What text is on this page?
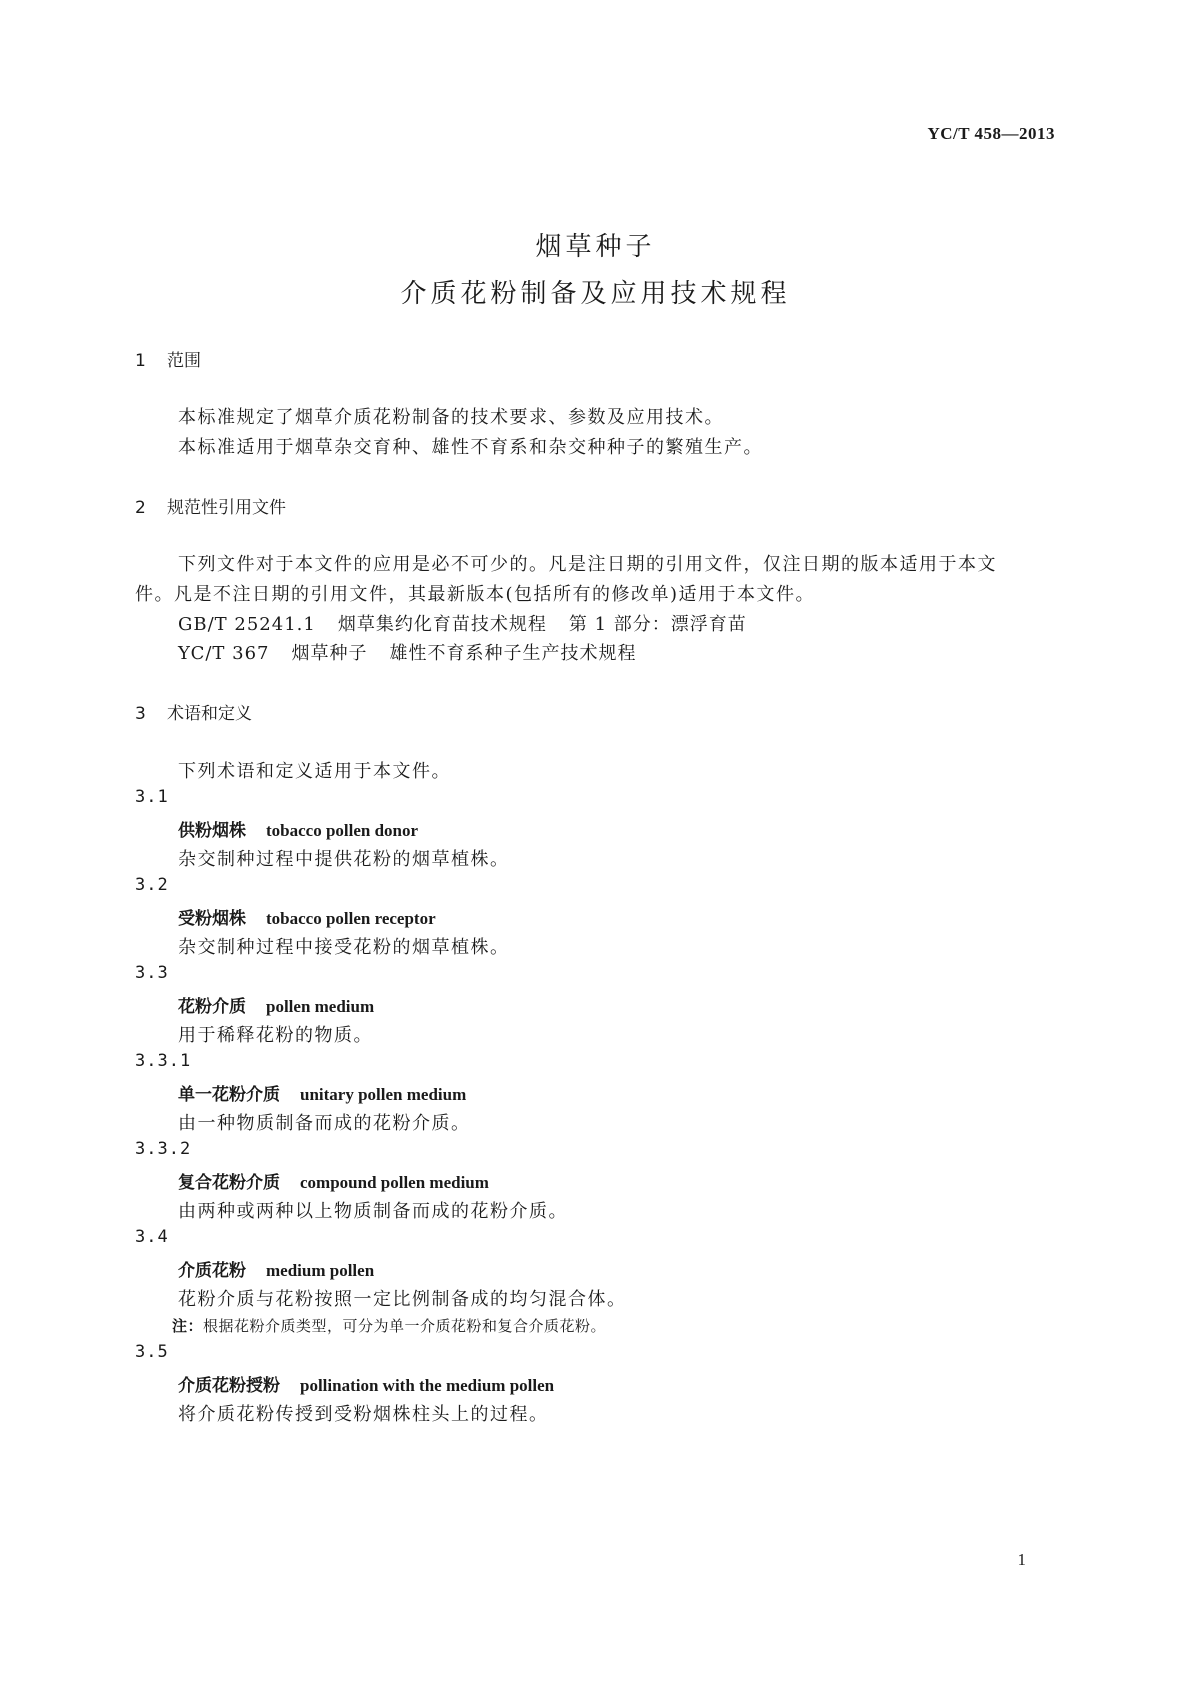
YC/T 458—2013
烟草种子
介质花粉制备及应用技术规程
1 范围
本标准规定了烟草介质花粉制备的技术要求、参数及应用技术。
本标准适用于烟草杂交育种、雄性不育系和杂交种种子的繁殖生产。
2 规范性引用文件
下列文件对于本文件的应用是必不可少的。凡是注日期的引用文件，仅注日期的版本适用于本文
件。凡是不注日期的引用文件，其最新版本(包括所有的修改单)适用于本文件。
GB/T 25241.1 烟草集约化育苗技术规程 第 1 部分：漂浮育苗
YC/T 367 烟草种子 雄性不育系种子生产技术规程
3 术语和定义
下列术语和定义适用于本文件。
3.1
供粉烟株 tobacco pollen donor
杂交制种过程中提供花粉的烟草植株。
3.2
受粉烟株 tobacco pollen receptor
杂交制种过程中接受花粉的烟草植株。
3.3
花粉介质 pollen medium
用于稀释花粉的物质。
3.3.1
单一花粉介质 unitary pollen medium
由一种物质制备而成的花粉介质。
3.3.2
复合花粉介质 compound pollen medium
由两种或两种以上物质制备而成的花粉介质。
3.4
介质花粉 medium pollen
花粉介质与花粉按照一定比例制备成的均匀混合体。
注：根据花粉介质类型，可分为单一介质花粉和复合介质花粉。
3.5
介质花粉授粉 pollination with the medium pollen
将介质花粉传授到受粉烟株柱头上的过程。
1
